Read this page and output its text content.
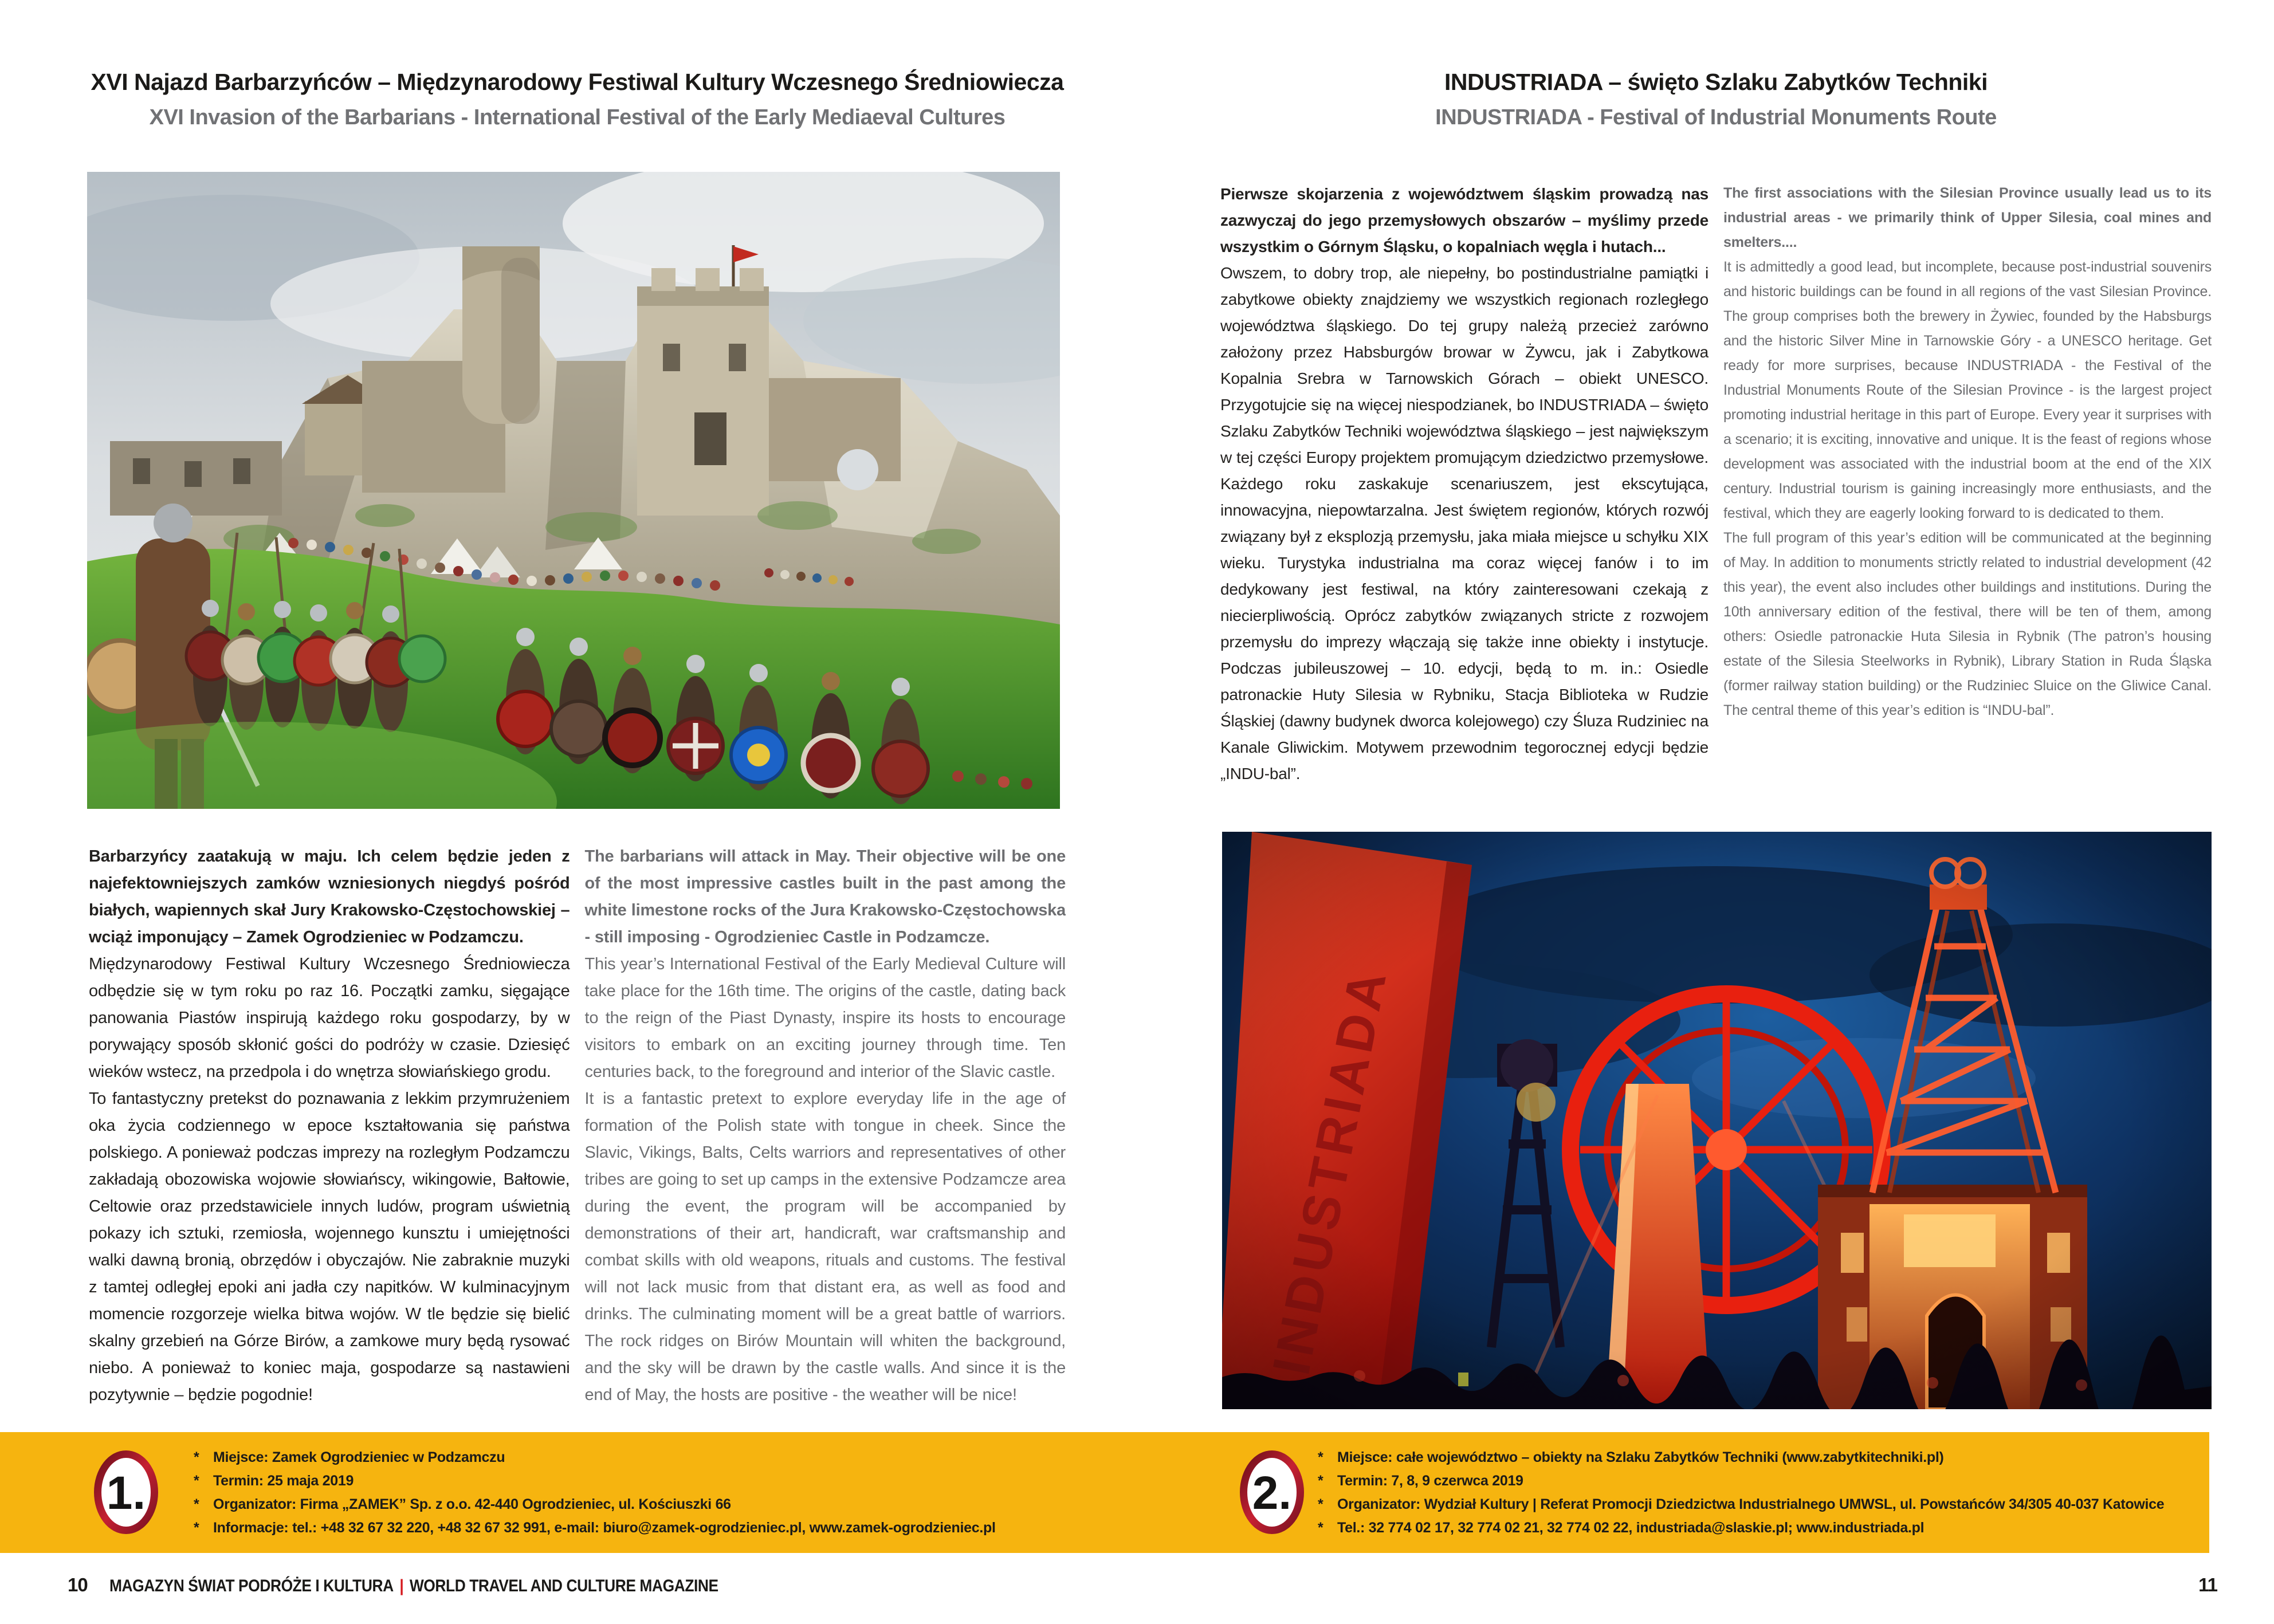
XVI Najazd Barbarzyńców – Międzynarodowy Festiwal Kultury Wczesnego Średniowiecza
XVI Invasion of the Barbarians - International Festival of the Early Mediaeval Cultures

Barbarzyńcy zaatakują w maju. Ich celem będzie jeden z najefektowniejszych zamków wzniesionych niegdyś pośród białych, wapiennych skał Jury Krakowsko-Częstochowskiej – wciąż imponujący – Zamek Ogrodzieniec w Podzamczu.

Międzynarodowy Festiwal Kultury Wczesnego Średniowiecza odbędzie się w tym roku po raz 16. Początki zamku, sięgające panowania Piastów inspirują każdego roku gospodarzy, by w porywający sposób skłonić gości do podróży w czasie. Dziesięć wieków wstecz, na przedpola i do wnętrza słowiańskiego grodu.

To fantastyczny pretekst do poznawania z lekkim przymrużeniem oka życia codziennego w epoce kształtowania się państwa polskiego. A ponieważ podczas imprezy na rozległym Podzamczu zakładają obozowiska wojowie słowiańscy, wikingowie, Bałtowie, Celtowie oraz przedstawiciele innych ludów, program uświetnią pokazy ich sztuki, rzemiosła, wojennego kunsztu i umiejętności walki dawną bronią, obrzędów i obyczajów. Nie zabraknie muzyki z tamtej odległej epoki ani jadła czy napitków. W kulminacyjnym momencie rozgorzeje wielka bitwa wojów. W tle będzie się bielić skalny grzebień na Górze Birów, a zamkowe mury będą rysować niebo. A ponieważ to koniec maja, gospodarze są nastawieni pozytywnie – będzie pogodnie!

The barbarians will attack in May. Their objective will be one of the most impressive castles built in the past among the white limestone rocks of the Jura Krakowsko-Częstochowska - still imposing - Ogrodzieniec Castle in Podzamcze.

This year’s International Festival of the Early Medieval Culture will take place for the 16th time. The origins of the castle, dating back to the reign of the Piast Dynasty, inspire its hosts to encourage visitors to embark on an exciting journey through time. Ten centuries back, to the foreground and interior of the Slavic castle.

It is a fantastic pretext to explore everyday life in the age of formation of the Polish state with tongue in cheek. Since the Slavic, Vikings, Balts, Celts warriors and representatives of other tribes are going to set up camps in the extensive Podzamcze area during the event, the program will be accompanied by demonstrations of their art, handicraft, war craftsmanship and combat skills with old weapons, rituals and customs. The festival will not lack music from that distant era, as well as food and drinks. The culminating moment will be a great battle of warriors. The rock ridges on Birów Mountain will whiten the background, and the sky will be drawn by the castle walls. And since it is the end of May, the hosts are positive - the weather will be nice!

INDUSTRIADA – święto Szlaku Zabytków Techniki
INDUSTRIADA - Festival of Industrial Monuments Route

Pierwsze skojarzenia z województwem śląskim prowadzą nas zazwyczaj do jego przemysłowych obszarów – myślimy przede wszystkim o Górnym Śląsku, o kopalniach węgla i hutach...

Owszem, to dobry trop, ale niepełny, bo postindustrialne pamiątki i zabytkowe obiekty znajdziemy we wszystkich regionach rozległego województwa śląskiego. Do tej grupy należą przecież zarówno założony przez Habsburgów browar w Żywcu, jak i Zabytkowa Kopalnia Srebra w Tarnowskich Górach – obiekt UNESCO. Przygotujcie się na więcej niespodzianek, bo INDUSTRIADA – święto Szlaku Zabytków Techniki województwa śląskiego – jest największym w tej części Europy projektem promującym dziedzictwo przemysłowe. Każdego roku zaskakuje scenariuszem, jest ekscytująca, innowacyjna, niepowtarzalna. Jest świętem regionów, których rozwój związany był z eksplozją przemysłu, jaka miała miejsce u schyłku XIX wieku. Turystyka industrialna ma coraz więcej fanów i to im dedykowany jest festiwal, na który zainteresowani czekają z niecierpliwością. Oprócz zabytków związanych stricte z rozwojem przemysłu do imprezy włączają się także inne obiekty i instytucje. Podczas jubileuszowej – 10. edycji, będą to m. in.: Osiedle patronackie Huty Silesia w Rybniku, Stacja Biblioteka w Rudzie Śląskiej (dawny budynek dworca kolejowego) czy Śluza Rudziniec na Kanale Gliwickim. Motywem przewodnim tegorocznej edycji będzie „INDU-bal”.

The first associations with the Silesian Province usually lead us to its industrial areas - we primarily think of Upper Silesia, coal mines and smelters....

It is admittedly a good lead, but incomplete, because post-industrial souvenirs and historic buildings can be found in all regions of the vast Silesian Province. The group comprises both the brewery in Żywiec, founded by the Habsburgs and the historic Silver Mine in Tarnowskie Góry - a UNESCO heritage. Get ready for more surprises, because INDUSTRIADA - the Festival of the Industrial Monuments Route of the Silesian Province - is the largest project promoting industrial heritage in this part of Europe. Every year it surprises with a scenario; it is exciting, innovative and unique. It is the feast of regions whose development was associated with the industrial boom at the end of the XIX century. Industrial tourism is gaining increasingly more enthusiasts, and the festival, which they are eagerly looking forward to is dedicated to them.

The full program of this year’s edition will be communicated at the beginning of May. In addition to monuments strictly related to industrial development (42 this year), the event also includes other buildings and institutions. During the 10th anniversary edition of the festival, there will be ten of them, among others: Osiedle patronackie Huta Silesia in Rybnik (The patron’s housing estate of the Silesia Steelworks in Rybnik), Library Station in Ruda Śląska (former railway station building) or the Rudziniec Sluice on the Gliwice Canal. The central theme of this year’s edition is “INDU-bal”.

1.
* Miejsce: Zamek Ogrodzieniec w Podzamczu
* Termin: 25 maja 2019
* Organizator: Firma „ZAMEK” Sp. z o.o. 42-440 Ogrodzieniec, ul. Kościuszki 66
* Informacje: tel.: +48 32 67 32 220, +48 32 67 32 991, e-mail: biuro@zamek-ogrodzieniec.pl, www.zamek-ogrodzieniec.pl
2.
* Miejsce: całe województwo – obiekty na Szlaku Zabytków Techniki (www.zabytkitechniki.pl)
* Termin: 7, 8, 9 czerwca 2019
* Organizator: Wydział Kultury | Referat Promocji Dziedzictwa Industrialnego UMWSL, ul. Powstańców 34/305 40-037 Katowice
* Tel.: 32 774 02 17, 32 774 02 21, 32 774 02 22, industriada@slaskie.pl; www.industriada.pl
10 MAGAZYN ŚWIAT PODRÓŻE I KULTURA | WORLD TRAVEL AND CULTURE MAGAZINE	11
